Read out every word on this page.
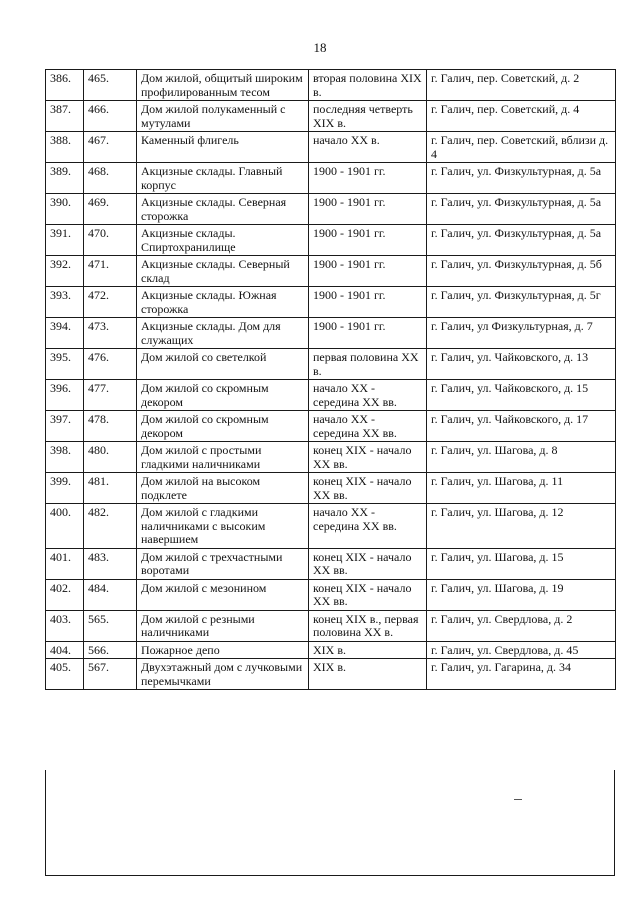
18
386.	465.	Дом жилой, общитый широким профилированным тесом	вторая половина XIX в.	г. Галич, пер. Советский, д. 2
387.	466.	Дом жилой полукаменный с мутулами	последняя четверть XIX в.	г. Галич, пер. Советский, д. 4
388.	467.	Каменный флигель	начало XX в.	г. Галич, пер. Советский, вблизи д. 4
389.	468.	Акцизные склады. Главный корпус	1900 - 1901 гг.	г. Галич, ул. Физкультурная, д. 5а
390.	469.	Акцизные склады. Северная сторожка	1900 - 1901 гг.	г. Галич, ул. Физкультурная, д. 5а
391.	470.	Акцизные склады. Спиртохранилище	1900 - 1901 гг.	г. Галич, ул. Физкультурная, д. 5а
392.	471.	Акцизные склады. Северный склад	1900 - 1901 гг.	г. Галич, ул. Физкультурная, д. 5б
393.	472.	Акцизные склады. Южная сторожка	1900 - 1901 гг.	г. Галич, ул. Физкультурная, д. 5г
394.	473.	Акцизные склады. Дом для служащих	1900 - 1901 гг.	г. Галич, ул Физкультурная, д. 7
395.	476.	Дом жилой со светелкой	первая половина XX в.	г. Галич, ул. Чайковского, д. 13
396.	477.	Дом жилой со скромным декором	начало XX - середина XX вв.	г. Галич, ул. Чайковского, д. 15
397.	478.	Дом жилой со скромным декором	начало XX - середина XX вв.	г. Галич, ул. Чайковского, д. 17
398.	480.	Дом жилой с простыми гладкими наличниками	конец XIX - начало XX вв.	г. Галич, ул. Шагова, д. 8
399.	481.	Дом жилой на высоком подклете	конец XIX - начало XX вв.	г. Галич, ул. Шагова, д. 11
400.	482.	Дом жилой с гладкими наличниками с высоким навершием	начало XX - середина XX вв.	г. Галич, ул. Шагова, д. 12
401.	483.	Дом жилой с трехчастными воротами	конец XIX - начало XX вв.	г. Галич, ул. Шагова, д. 15
402.	484.	Дом жилой с мезонином	конец XIX - начало XX вв.	г. Галич, ул. Шагова, д. 19
403.	565.	Дом жилой с резными наличниками	конец XIX в., первая половина XX в.	г. Галич, ул. Свердлова, д. 2
404.	566.	Пожарное депо	XIX в.	г. Галич, ул. Свердлова, д. 45
405.	567.	Двухэтажный дом с лучковыми перемычками	XIX в.	г. Галич, ул. Гагарина, д. 34
